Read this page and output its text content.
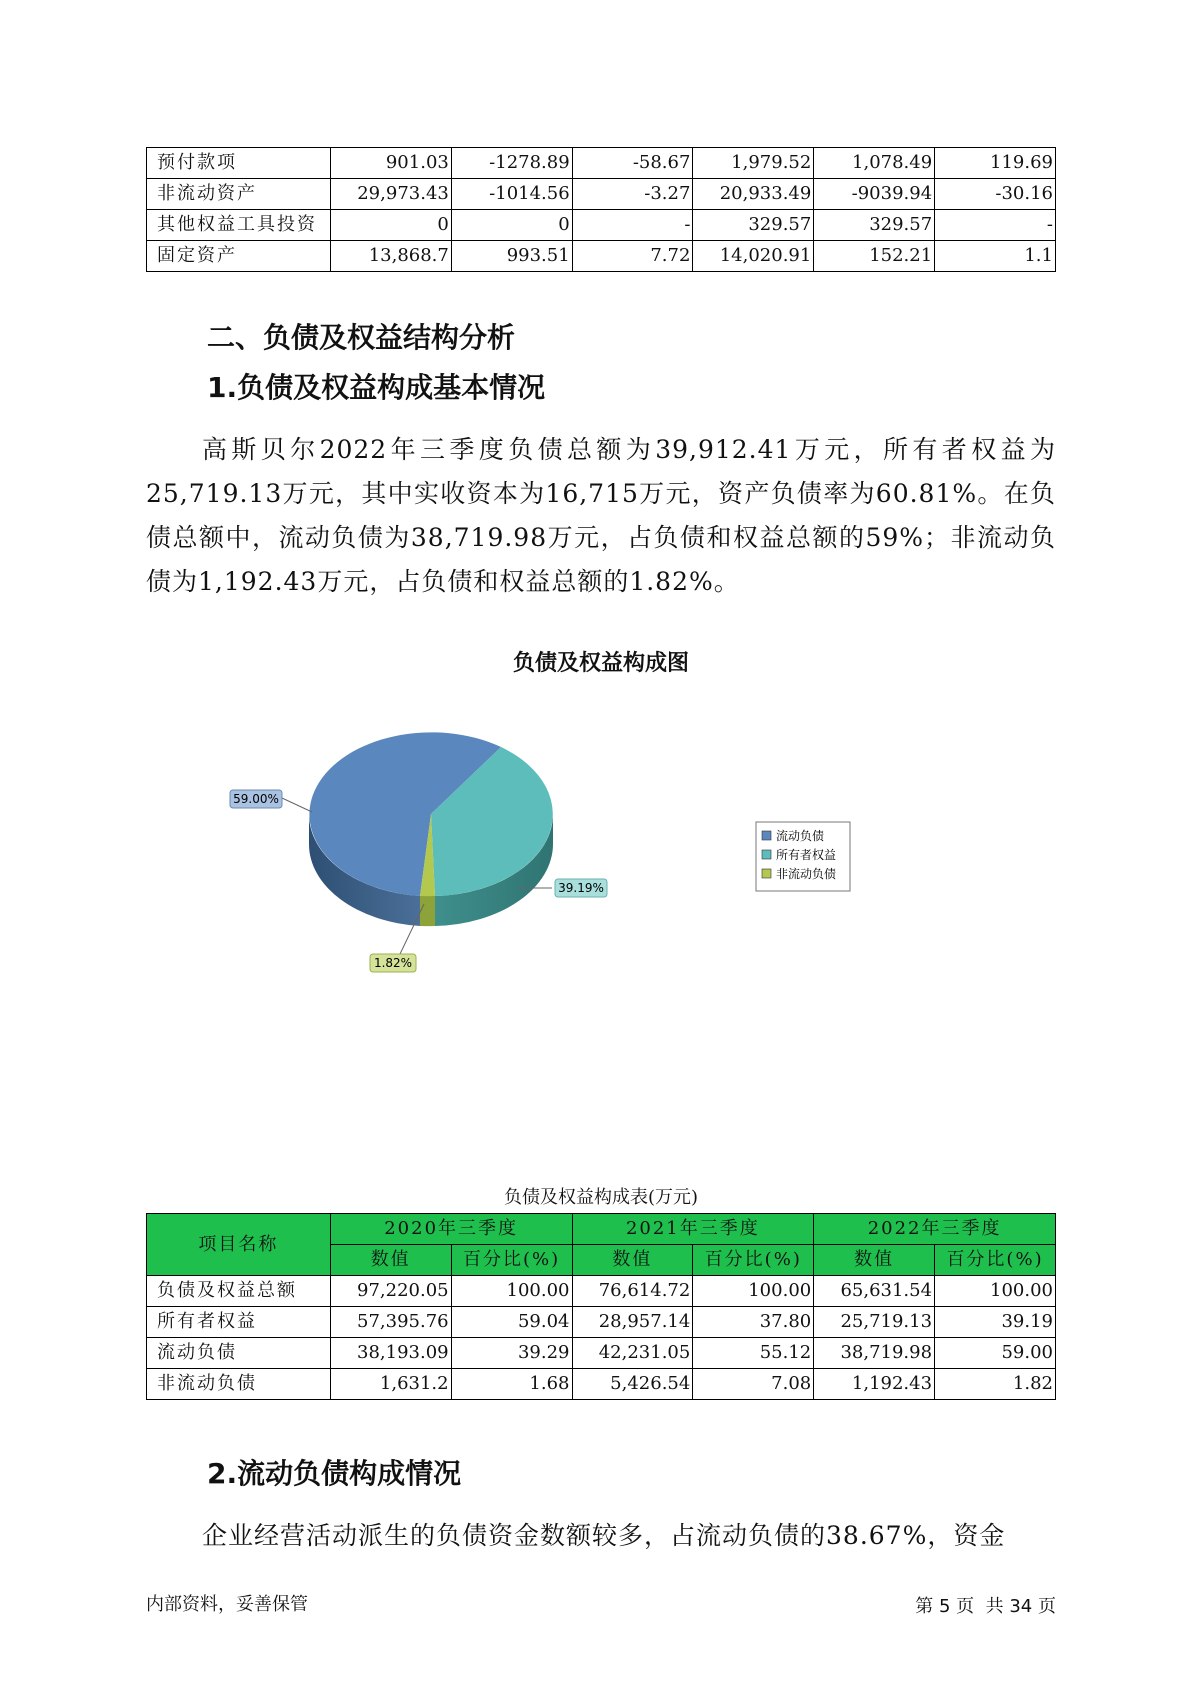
预付款项	901.03	-1278.89	-58.67	1,979.52	1,078.49	119.69
非流动资产	29,973.43	-1014.56	-3.27	20,933.49	-9039.94	-30.16
其他权益工具投资	0	0	-	329.57	329.57	-
固定资产	13,868.7	993.51	7.72	14,020.91	152.21	1.1
二、负债及权益结构分析
1.负债及权益构成基本情况
高斯贝尔2022年三季度负债总额为39,912.41万元，所有者权益为25,719.13万元，其中实收资本为16,715万元，资产负债率为60.81%。在负债总额中，流动负债为38,719.98万元，占负债和权益总额的59%；非流动负债为1,192.43万元，占负债和权益总额的1.82%。
负债及权益构成图
59.00%
39.19%
1.82%
流动负债
所有者权益
非流动负债
负债及权益构成表(万元)
项目名称	2020年三季度		2021年三季度		2022年三季度	
	数值	百分比(%)	数值	百分比(%)	数值	百分比(%)
负债及权益总额	97,220.05	100.00	76,614.72	100.00	65,631.54	100.00
所有者权益	57,395.76	59.04	28,957.14	37.80	25,719.13	39.19
流动负债	38,193.09	39.29	42,231.05	55.12	38,719.98	59.00
非流动负债	1,631.2	1.68	5,426.54	7.08	1,192.43	1.82
2.流动负债构成情况
企业经营活动派生的负债资金数额较多，占流动负债的38.67%，资金
内部资料，妥善保管	第 5 页  共 34 页
